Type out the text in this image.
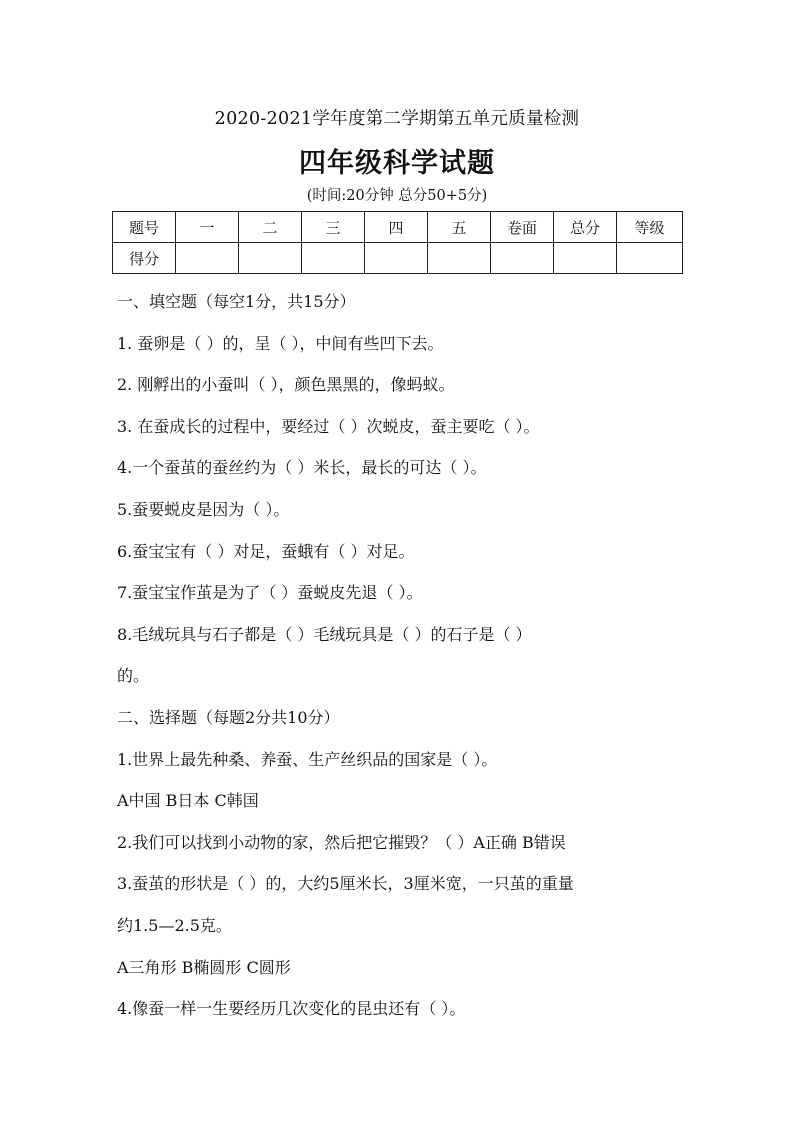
2020-2021学年度第二学期第五单元质量检测
四年级科学试题
(时间:20分钟 总分50+5分)
题号	一	二	三	四	五	卷面	总分	等级
得分								
一、填空题（每空1分，共15分）
1. 蚕卵是（ ）的，呈（ ），中间有些凹下去。
2. 刚孵出的小蚕叫（ ），颜色黑黑的，像蚂蚁。
3. 在蚕成长的过程中，要经过（ ）次蜕皮，蚕主要吃（ ）。
4.一个蚕茧的蚕丝约为（ ）米长，最长的可达（ ）。
5.蚕要蜕皮是因为（ ）。
6.蚕宝宝有（ ）对足，蚕蛾有（ ）对足。
7.蚕宝宝作茧是为了（ ）蚕蜕皮先退（ ）。
8.毛绒玩具与石子都是（ ）毛绒玩具是（ ）的石子是（ ）
的。
二、选择题（每题2分共10分）
1.世界上最先种桑、养蚕、生产丝织品的国家是（ ）。
A中国 B日本 C韩国
2.我们可以找到小动物的家，然后把它摧毁？（ ）A正确 B错误
3.蚕茧的形状是（ ）的，大约5厘米长，3厘米宽，一只茧的重量
约1.5—2.5克。
A三角形 B椭圆形 C圆形
4.像蚕一样一生要经历几次变化的昆虫还有（ ）。
